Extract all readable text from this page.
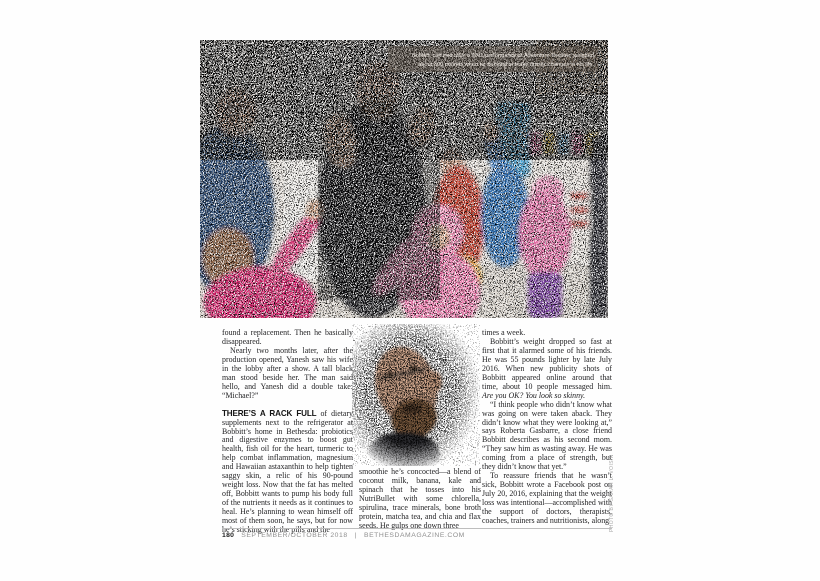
Bobbitt, pictured after a 2011 performance at Adventure Theatre, weighed
about 300 pounds when he decided to make drastic changes in his life.

found a replacement. Then he basically disappeared.

Nearly two months later, after the production opened, Yanesh saw his wife in the lobby after a show. A tall black man stood beside her. The man said hello, and Yanesh did a double take: “Michael?”

THERE’S A RACK FULL of dietary supplements next to the refrigerator at Bobbitt’s home in Bethesda: probiotics and digestive enzymes to boost gut health, fish oil for the heart, turmeric to help combat inflammation, magnesium and Hawaiian astaxanthin to help tighten saggy skin, a relic of his 90-pound weight loss. Now that the fat has melted off, Bobbitt wants to pump his body full of the nutrients it needs as it continues to heal. He’s planning to wean himself off most of them soon, he says, but for now he’s sticking with the pills and the

smoothie he’s concocted—a blend of coconut milk, banana, kale and spinach that he tosses into his NutriBullet with some chlorella, spirulina, trace minerals, bone broth protein, matcha tea, and chia and flax seeds. He gulps one down three

times a week.

Bobbitt’s weight dropped so fast at first that it alarmed some of his friends. He was 55 pounds lighter by late July 2016. When new publicity shots of Bobbitt appeared online around that time, about 10 people messaged him. Are you OK? You look so skinny.

“I think people who didn’t know what was going on were taken aback. They didn’t know what they were looking at,” says Roberta Gasbarre, a close friend Bobbitt describes as his second mom. “They saw him as wasting away. He was coming from a place of strength, but they didn’t know that yet.”

To reassure friends that he wasn’t sick, Bobbitt wrote a Facebook post on July 20, 2016, explaining that the weight loss was intentional—accomplished with the support of doctors, therapists, coaches, trainers and nutritionists, along

180 SEPTEMBER/OCTOBER 2018 | BETHESDAMAGAZINE.COM
PHOTO BY SARAH L. VOISIN
